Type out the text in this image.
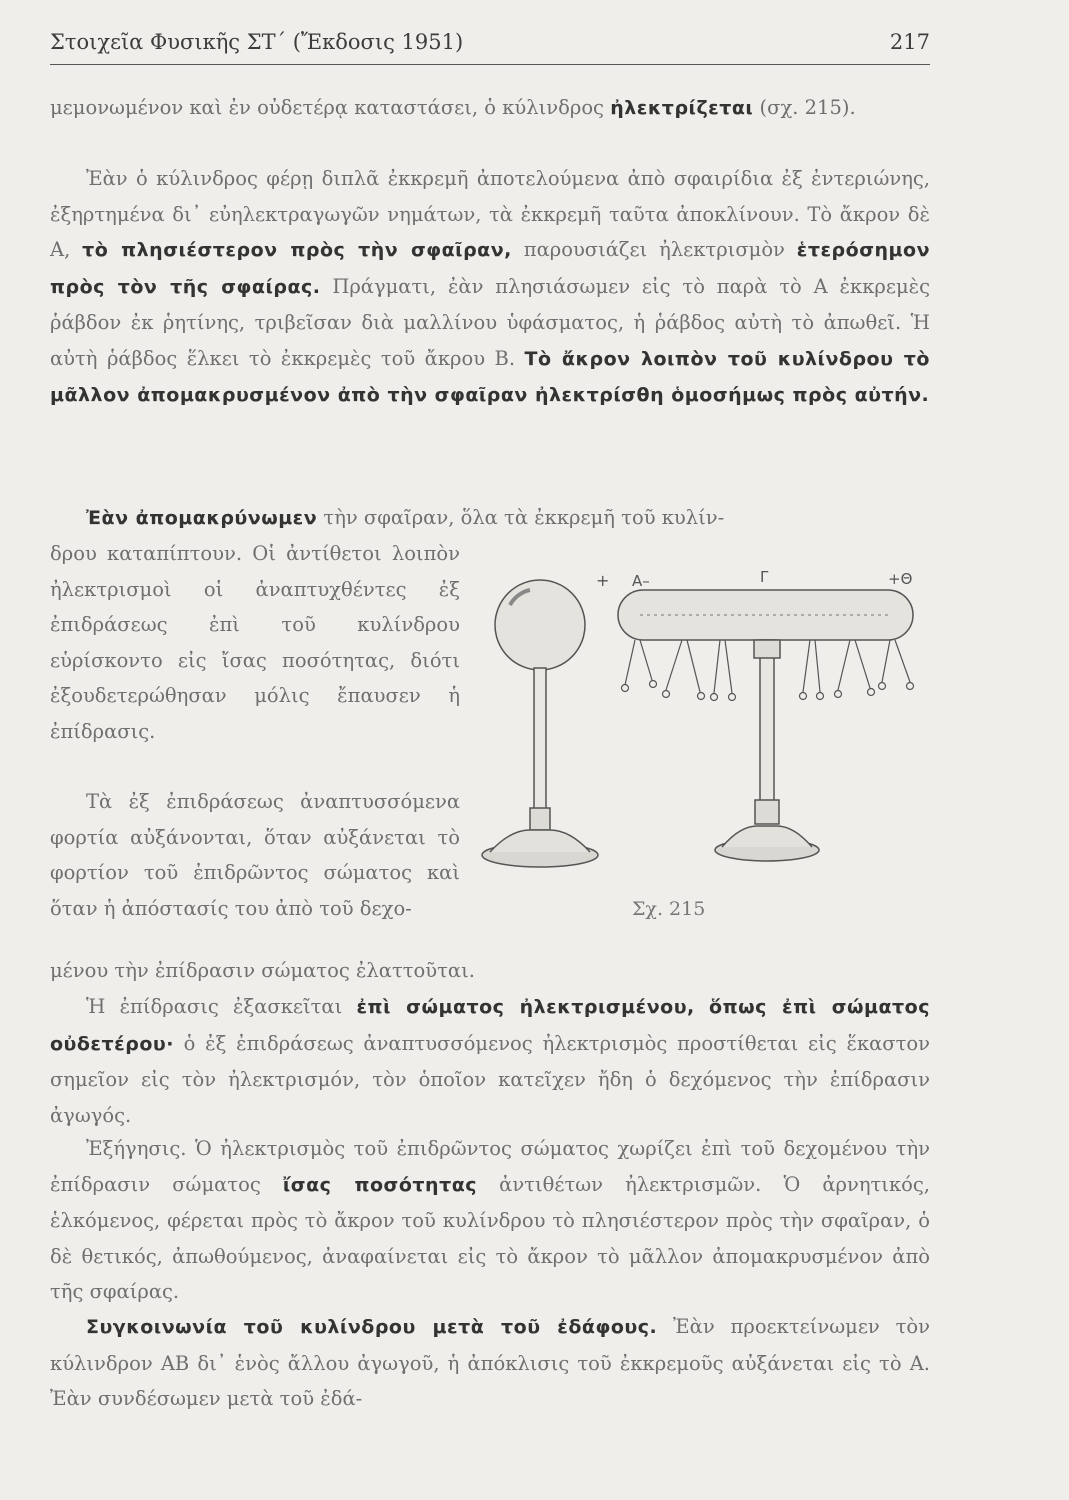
Στοιχεῖα Φυσικῆς ΣΤ΄ (Ἔκδοσις 1951)	217

μεμονωμένον καὶ ἐν οὐδετέρᾳ καταστάσει, ὁ κύλινδρος ἠλεκτρίζεται (σχ. 215).

Ἐὰν ὁ κύλινδρος φέρῃ διπλᾶ ἐκκρεμῆ ἀποτελούμενα ἀπὸ σφαιρίδια ἐξ ἐντεριώνης, ἐξηρτημένα δι᾽ εὐηλεκτραγωγῶν νημάτων, τὰ ἐκκρεμῆ ταῦτα ἀποκλίνουν. Τὸ ἄκρον δὲ Α, τὸ πλησιέστερον πρὸς τὴν σφαῖραν, παρουσιάζει ἠλεκτρισμὸν ἑτερόσημον πρὸς τὸν τῆς σφαίρας. Πράγματι, ἐὰν πλησιάσωμεν εἰς τὸ παρὰ τὸ Α ἐκκρεμὲς ῥάβδον ἐκ ῥητίνης, τριβεῖσαν διὰ μαλλίνου ὑφάσματος, ἡ ῥάβδος αὐτὴ τὸ ἀπωθεῖ. Ἡ αὐτὴ ῥάβδος ἕλκει τὸ ἐκκρεμὲς τοῦ ἄκρου Β. Τὸ ἄκρον λοιπὸν τοῦ κυλίνδρου τὸ μᾶλλον ἀπομακρυσμένον ἀπὸ τὴν σφαῖραν ἠλεκτρίσθη ὁμοσήμως πρὸς αὐτήν.

Ἐὰν ἀπομακρύνωμεν τὴν σφαῖραν, ὅλα τὰ ἐκκρεμῆ τοῦ κυλίν-

δρου καταπίπτουν. Οἱ ἀντίθετοι λοιπὸν ἠλεκτρισμοὶ οἱ ἀναπτυχθέντες ἐξ ἐπιδράσεως ἐπὶ τοῦ κυλίνδρου εὑρίσκοντο εἰς ἴσας ποσότητας, διότι ἐξουδετερώθησαν μόλις ἔπαυσεν ἡ ἐπίδρασις.

Τὰ ἐξ ἐπιδράσεως ἀναπτυσσόμενα φορτία αὐξάνονται, ὅταν αὐξάνεται τὸ φορτίον τοῦ ἐπιδρῶντος σώματος καὶ ὅταν ἡ ἀπόστασίς του ἀπὸ τοῦ δεχο-

μένου τὴν ἐπίδρασιν σώματος ἐλαττοῦται.

Ἡ ἐπίδρασις ἐξασκεῖται ἐπὶ σώματος ἠλεκτρισμένου, ὅπως ἐπὶ σώματος οὐδετέρου· ὁ ἐξ ἐπιδράσεως ἀναπτυσσόμενος ἠλεκτρισμὸς προστίθεται εἰς ἕκαστον σημεῖον εἰς τὸν ἠλεκτρισμόν, τὸν ὁποῖον κατεῖχεν ἤδη ὁ δεχόμενος τὴν ἐπίδρασιν ἀγωγός.

Ἐξήγησις. Ὁ ἠλεκτρισμὸς τοῦ ἐπιδρῶντος σώματος χωρίζει ἐπὶ τοῦ δεχομένου τὴν ἐπίδρασιν σώματος ἴσας ποσότητας ἀντιθέτων ἠλεκτρισμῶν. Ὁ ἀρνητικός, ἑλκόμενος, φέρεται πρὸς τὸ ἄκρον τοῦ κυλίνδρου τὸ πλησιέστερον πρὸς τὴν σφαῖραν, ὁ δὲ θετικός, ἀπωθούμενος, ἀναφαίνεται εἰς τὸ ἄκρον τὸ μᾶλλον ἀπομακρυσμένον ἀπὸ τῆς σφαίρας.

Συγκοινωνία τοῦ κυλίνδρου μετὰ τοῦ ἐδάφους. Ἐὰν προεκτείνωμεν τὸν κύλινδρον ΑΒ δι᾽ ἑνὸς ἄλλου ἀγωγοῦ, ἡ ἀπόκλισις τοῦ ἐκκρεμοῦς αὐξάνεται εἰς τὸ Α. Ἐὰν συνδέσωμεν μετὰ τοῦ ἐδά-

+ A–	Γ	+Θ
Σχ. 215
